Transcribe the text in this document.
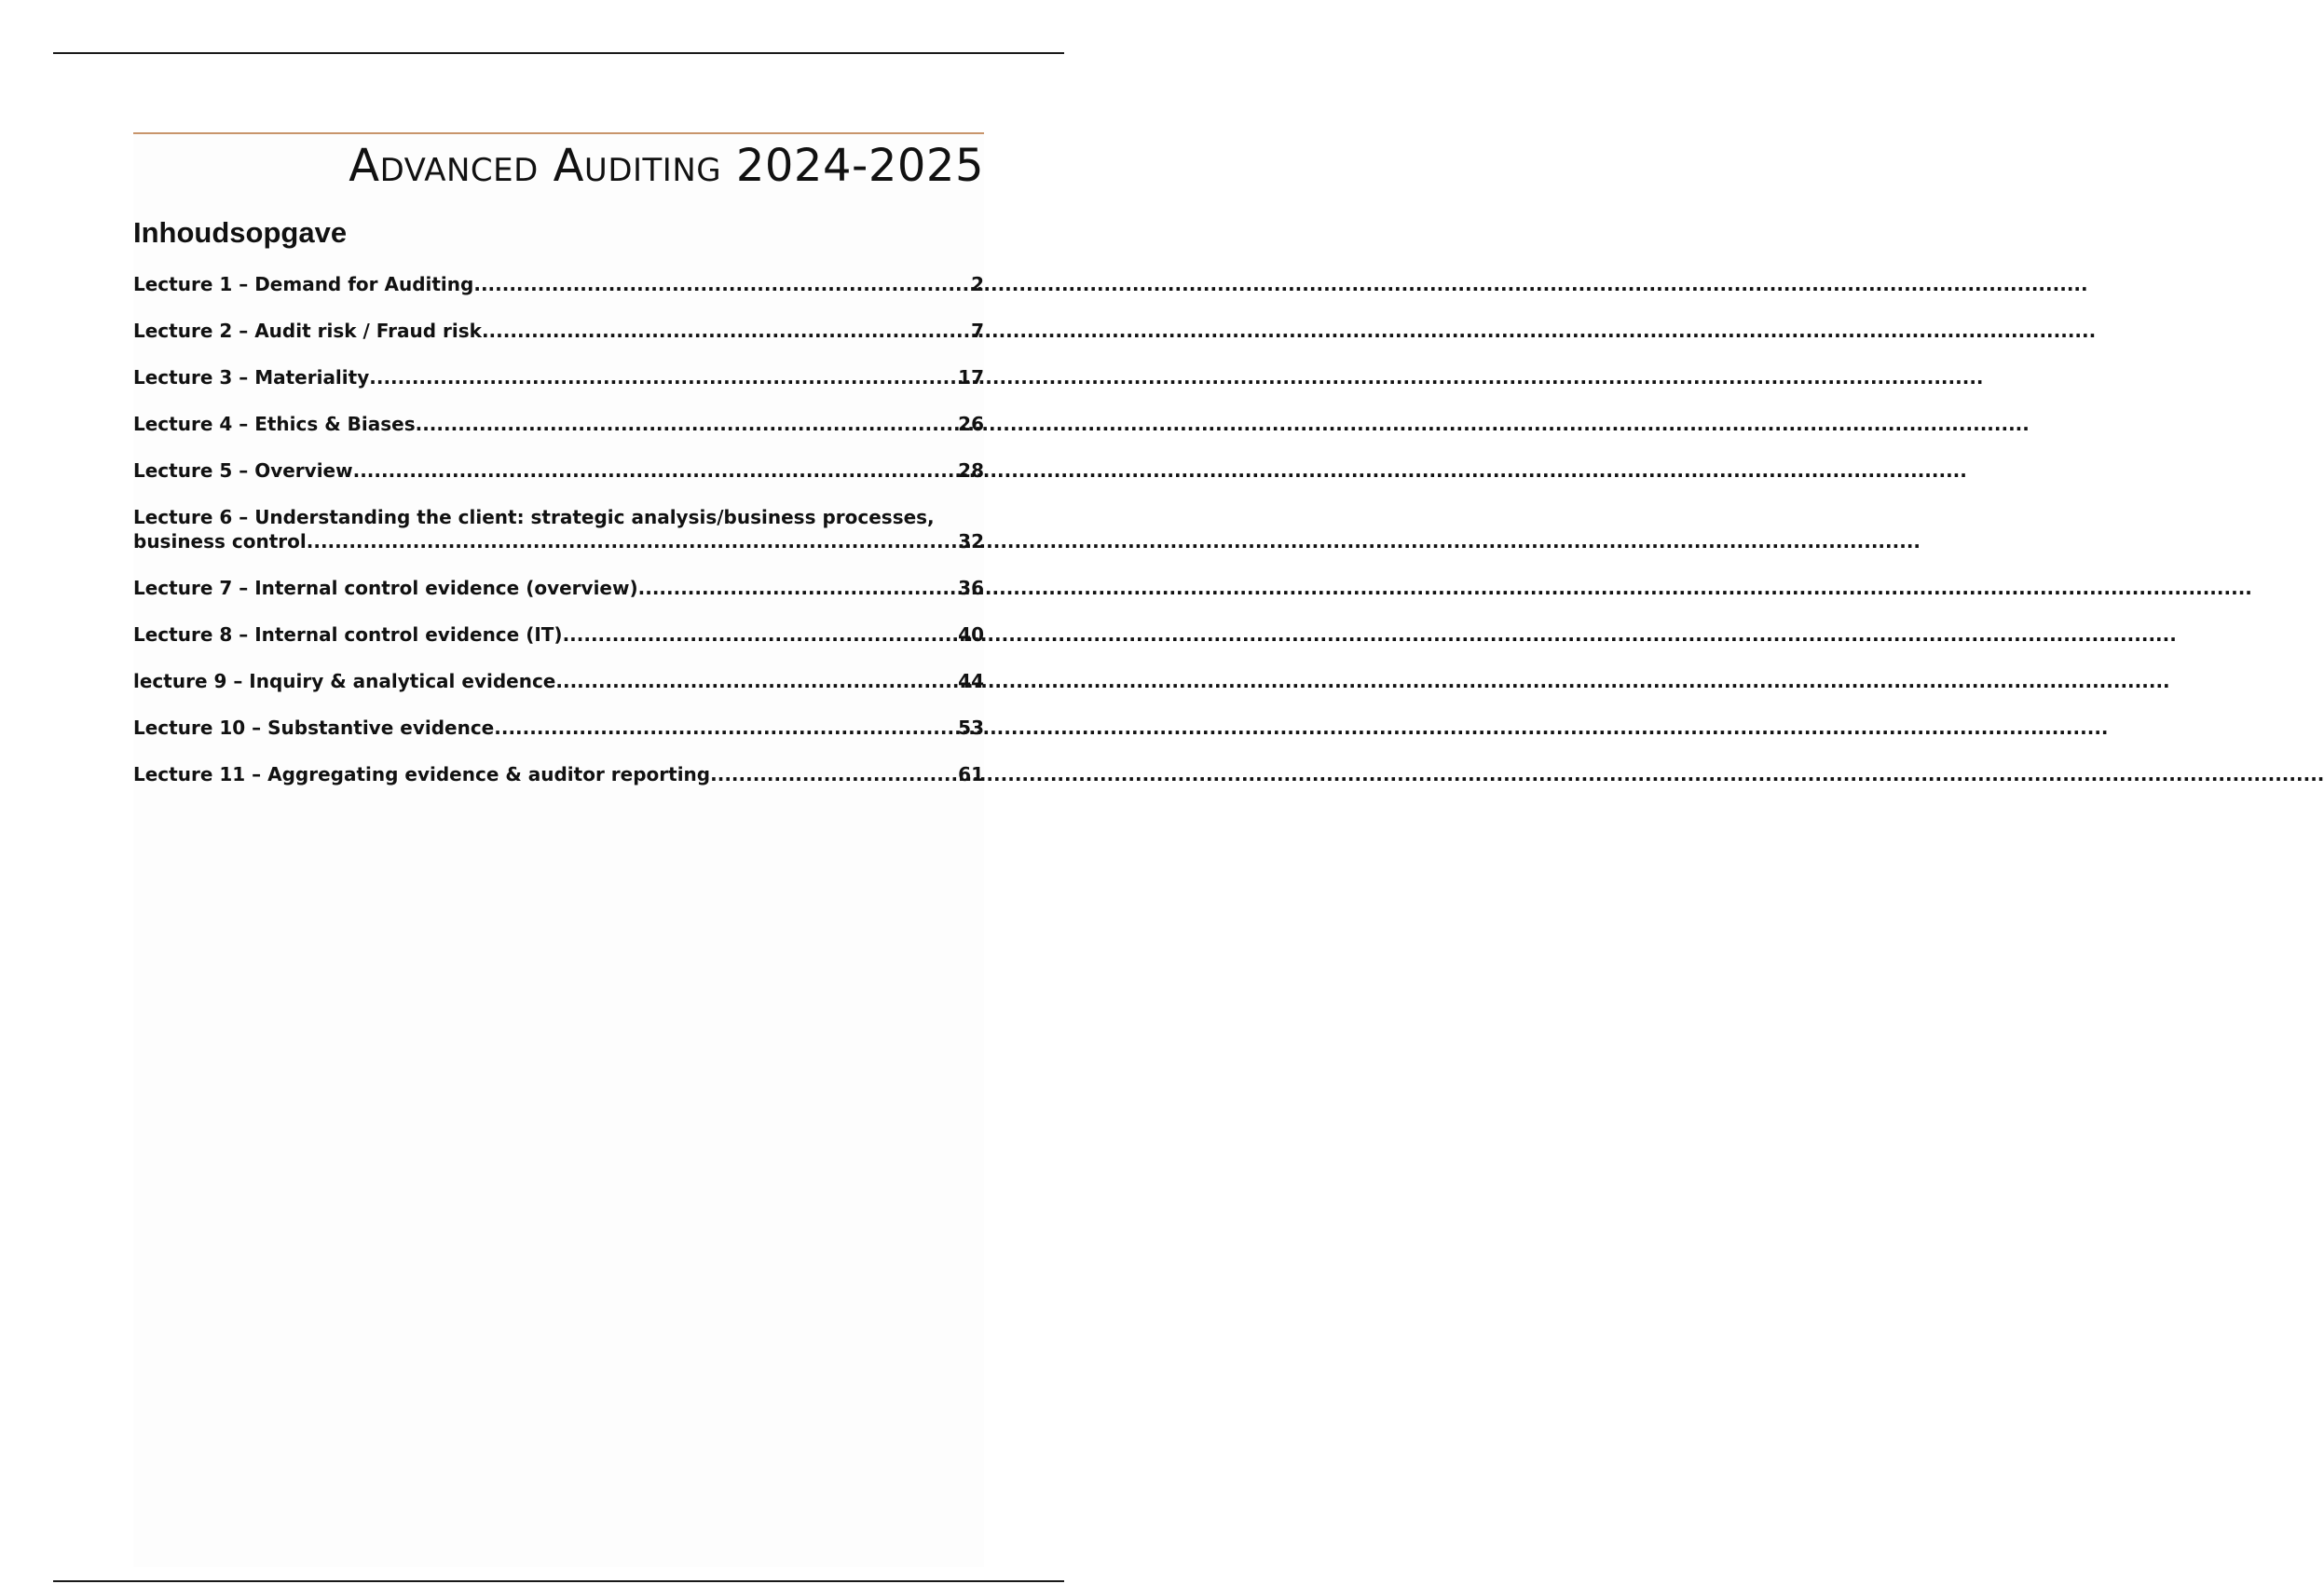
Advanced Auditing 2024-2025
Inhoudsopgave
Lecture 1 – Demand for Auditing .....	2
Lecture 2 – Audit risk / Fraud risk .....	7
Lecture 3 – Materiality .....	17
Lecture 4 – Ethics & Biases .....	26
Lecture 5 – Overview .....	28
Lecture 6 – Understanding the client: strategic analysis/business processes,
business control .....	32
Lecture 7 – Internal control evidence (overview) .....	36
Lecture 8 – Internal control evidence (IT) .....	40
lecture 9 – Inquiry & analytical evidence .....	44
Lecture 10 – Substantive evidence .....	53
Lecture 11 – Aggregating evidence & auditor reporting .....	61
